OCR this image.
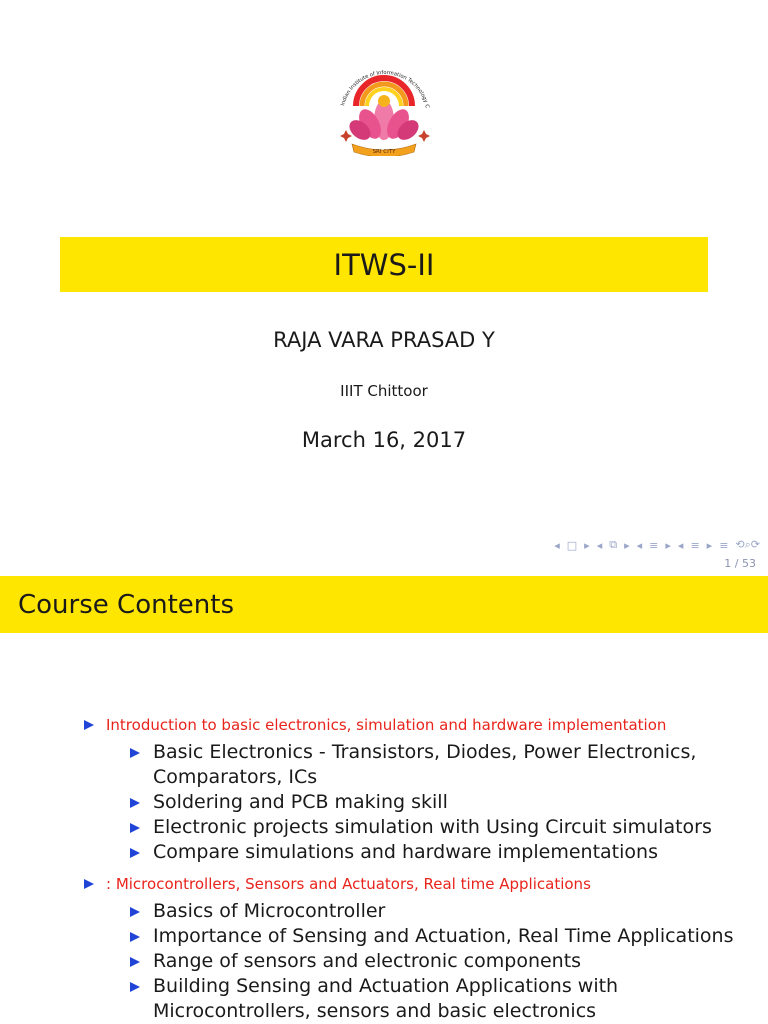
SRI CITY
Indian Institute of Information Technology C
ITWS-II
RAJA VARA PRASAD Y
IIIT Chittoor
March 16, 2017
◂ □ ▸ ◂ ⧉ ▸ ◂ ≡ ▸ ◂ ≡ ▸ ≡ ⟲⌕⟳
1 / 53
Course Contents
Introduction to basic electronics, simulation and hardware implementation
Basic Electronics - Transistors, Diodes, Power Electronics, Comparators, ICs
Soldering and PCB making skill
Electronic projects simulation with Using Circuit simulators
Compare simulations and hardware implementations
: Microcontrollers, Sensors and Actuators, Real time Applications
Basics of Microcontroller
Importance of Sensing and Actuation, Real Time Applications
Range of sensors and electronic components
Building Sensing and Actuation Applications with Microcontrollers, sensors and basic electronics
